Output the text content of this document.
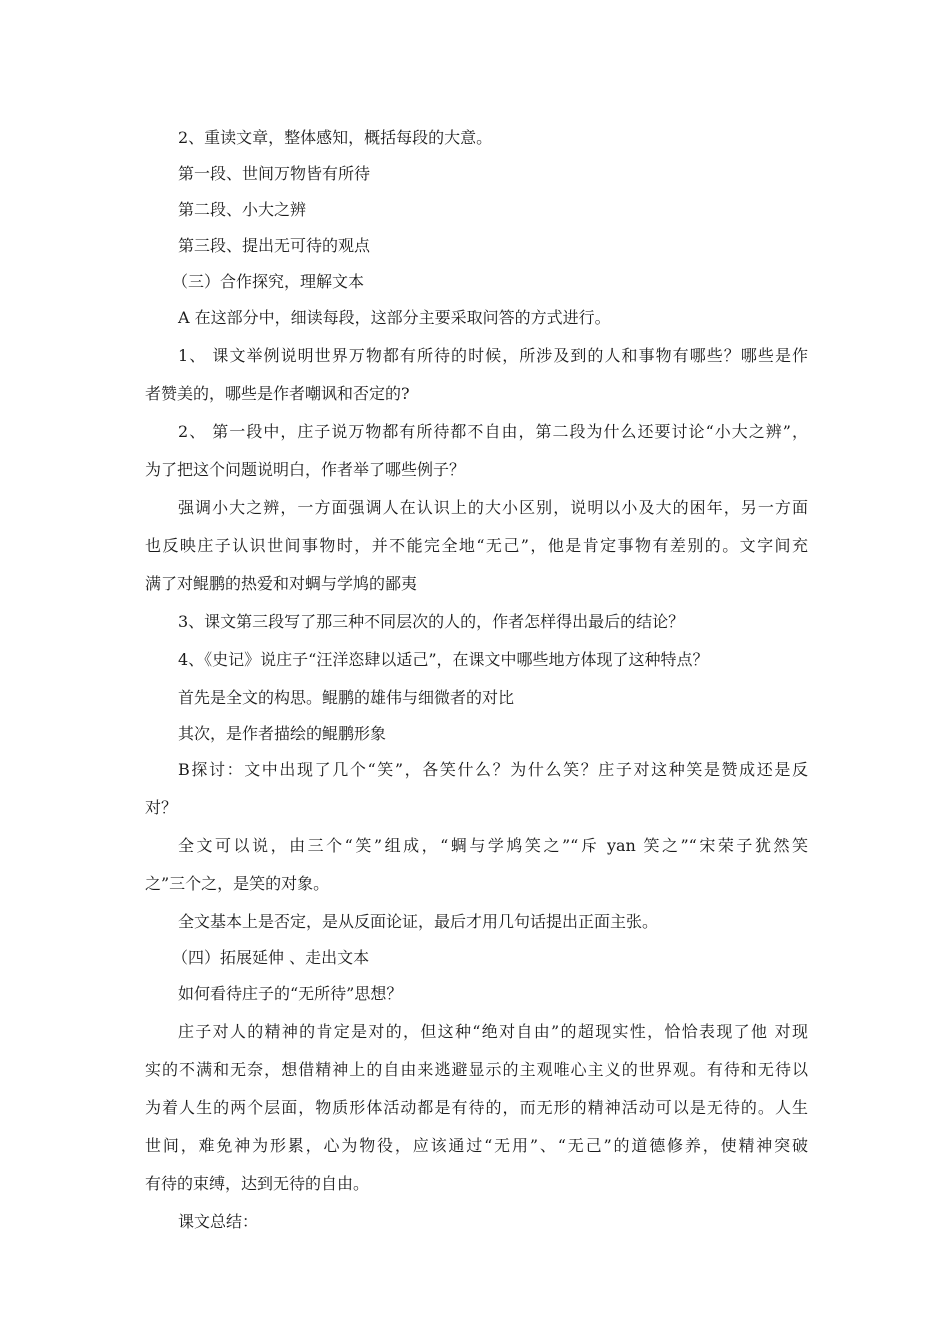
2、重读文章，整体感知，概括每段的大意。
第一段、世间万物皆有所待
第二段、小大之辨
第三段、提出无可待的观点
（三）合作探究，理解文本
A 在这部分中，细读每段，这部分主要采取问答的方式进行。
1、 课文举例说明世界万物都有所待的时候，所涉及到的人和事物有哪些？哪些是作
者赞美的，哪些是作者嘲讽和否定的?
2、 第一段中，庄子说万物都有所待都不自由，第二段为什么还要讨论“小大之辨”，
为了把这个问题说明白，作者举了哪些例子？
强调小大之辨，一方面强调人在认识上的大小区别，说明以小及大的困年，另一方面
也反映庄子认识世间事物时，并不能完全地“无己”，他是肯定事物有差别的。文字间充
满了对鲲鹏的热爱和对蜩与学鸠的鄙夷
3、课文第三段写了那三种不同层次的人的，作者怎样得出最后的结论？
4、《史记》说庄子“汪洋恣肆以适己”，在课文中哪些地方体现了这种特点？
首先是全文的构思。鲲鹏的雄伟与细微者的对比
其次，是作者描绘的鲲鹏形象
B探讨：文中出现了几个“笑”，各笑什么？为什么笑？庄子对这种笑是赞成还是反
对？
全文可以说，由三个“笑”组成，“蜩与学鸠笑之”“斥 yan 笑之”“宋荣子犹然笑
之”三个之，是笑的对象。
全文基本上是否定，是从反面论证，最后才用几句话提出正面主张。
（四）拓展延伸 、走出文本
如何看待庄子的“无所待”思想？
庄子对人的精神的肯定是对的，但这种“绝对自由”的超现实性，恰恰表现了他 对现
实的不满和无奈，想借精神上的自由来逃避显示的主观唯心主义的世界观。有待和无待以
为着人生的两个层面，物质形体活动都是有待的，而无形的精神活动可以是无待的。人生
世间，难免神为形累，心为物役，应该通过“无用”、“无己”的道德修养，使精神突破
有待的束缚，达到无待的自由。
课文总结：
